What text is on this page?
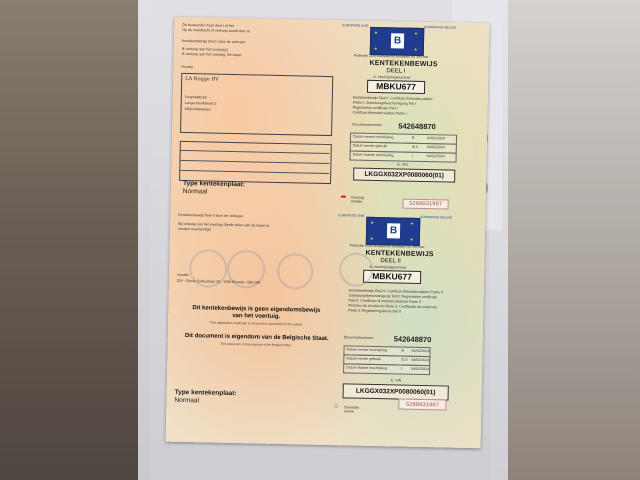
De bestuurder moet deel I of het
Op de overdracht of verkoop wordt door te
Kentekenbewijs Deel I door de verkoper
Ik verkoop aan het (voertuig)
Ik verkoop aan het voertuig. De koper
EUROPESE UNIE	KONINKRIJK BELGIE
★	★
★	★
B
Federale Overheidsdienst Mobiliteit en Vervoer
KENTEKENBEWIJS
DEEL I
A. Inschrijvingsnummer
MBKU677
Houder
LA Rogge BV
Leopoldstraat
Lange Kievitstraat 5
2000 Antwerpen
Kentekenbewijs Deel I: Certificat d'immatriculation
Partie I: Zulassungsbescheinigung Teil I
Registration certificate Part I
Certificat d'immatriculation Partie I
Documentnummer 542648870
Datum eerste inschrijving	B	04/02/2024
Datum eerste gebruik	I0.3 04/02/2024
Datum laatste inschrijving	I	04/02/2024
E. VIN
LKGGX032XP0080060(01)
Type kentekenplaat:
Normaal
🚗 Voertuig
Vehicle	S288031907
Kentekenbewijs Deel II door de verkoper
Bij verkoop van het voertuig: Beide delen aan de koper te
worden overhandigd
EUROPESE UNIE	KONINKRIJK BELGIE
★	★
★	★
B
Federale Overheidsdienst Mobiliteit en Vervoer
KENTEKENBEWIJS
DEEL II
A. Inschrijvingsnummer
MBKU677
Houder
DIV - Simon Bolivarlaan 30 - 1000 Brussel - BELGIE
Kentekenbewijs Deel II: Certificat d'immatriculation Partie II
Zulassungsbescheinigung Teil II: Registration certificate
Part II: Certificato di immatricolazione Parte II
Permiso de circulacion Parte II: Certificado de matricula
Parte II: Registreringsbevis Del II
Dit kentekenbewijs is geen eigendomsbewijs
van het voertuig.
This registration certificate is not proof of ownership of the vehicle
Dit document is eigendom van de Belgische Staat.
This document is the property of the Belgian State
Documentnummer	542648870
Datum eerste inschrijving	B 04/02/2024
Datum eerste gebruik	I0.3 04/02/2024
Datum laatste inschrijving	I 04/02/2024
E. VIN
LKGGX032XP0080060(01)
Type kentekenplaat:
Normaal
⌂ Domicilie
Home
S288031907
